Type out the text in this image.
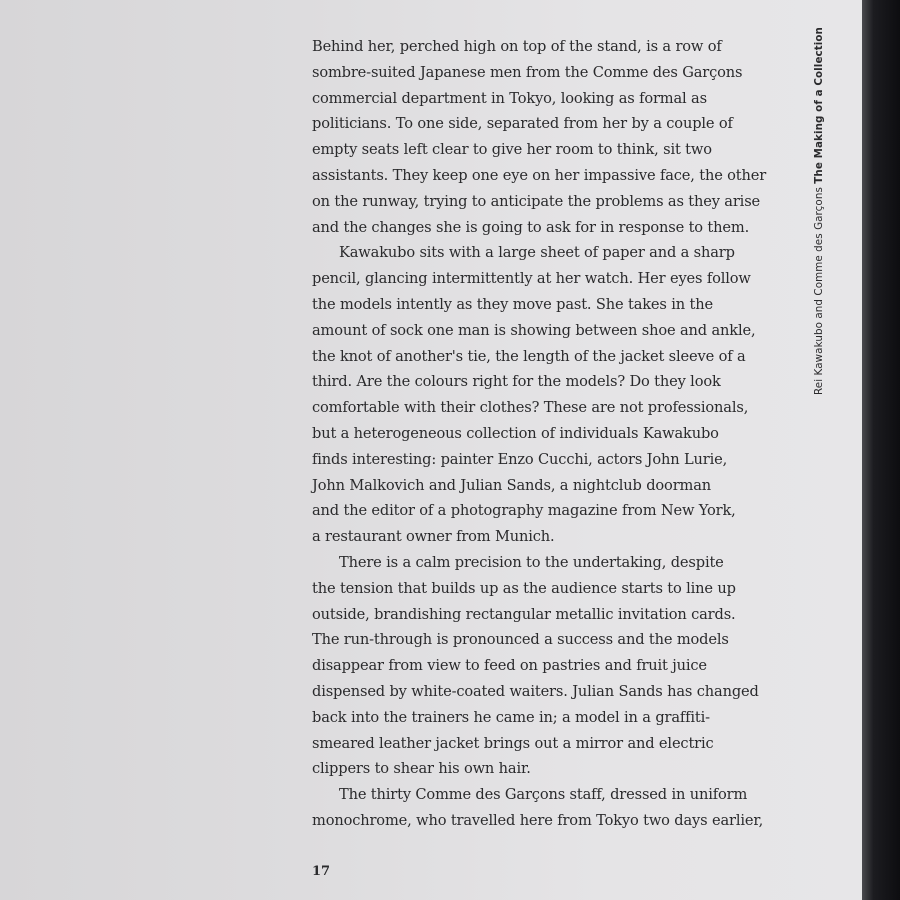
Behind her, perched high on top of the stand, is a row of
sombre-suited Japanese men from the Comme des Garçons
commercial department in Tokyo, looking as formal as
politicians. To one side, separated from her by a couple of
empty seats left clear to give her room to think, sit two
assistants. They keep one eye on her impassive face, the other
on the runway, trying to anticipate the problems as they arise
and the changes she is going to ask for in response to them.
Kawakubo sits with a large sheet of paper and a sharp
pencil, glancing intermittently at her watch. Her eyes follow
the models intently as they move past. She takes in the
amount of sock one man is showing between shoe and ankle,
the knot of another's tie, the length of the jacket sleeve of a
third. Are the colours right for the models? Do they look
comfortable with their clothes? These are not professionals,
but a heterogeneous collection of individuals Kawakubo
finds interesting: painter Enzo Cucchi, actors John Lurie,
John Malkovich and Julian Sands, a nightclub doorman
and the editor of a photography magazine from New York,
a restaurant owner from Munich.
There is a calm precision to the undertaking, despite
the tension that builds up as the audience starts to line up
outside, brandishing rectangular metallic invitation cards.
The run-through is pronounced a success and the models
disappear from view to feed on pastries and fruit juice
dispensed by white-coated waiters. Julian Sands has changed
back into the trainers he came in; a model in a graffiti-
smeared leather jacket brings out a mirror and electric
clippers to shear his own hair.
The thirty Comme des Garçons staff, dressed in uniform
monochrome, who travelled here from Tokyo two days earlier,
Rei Kawakubo and Comme des Garçons The Making of a Collection
17
